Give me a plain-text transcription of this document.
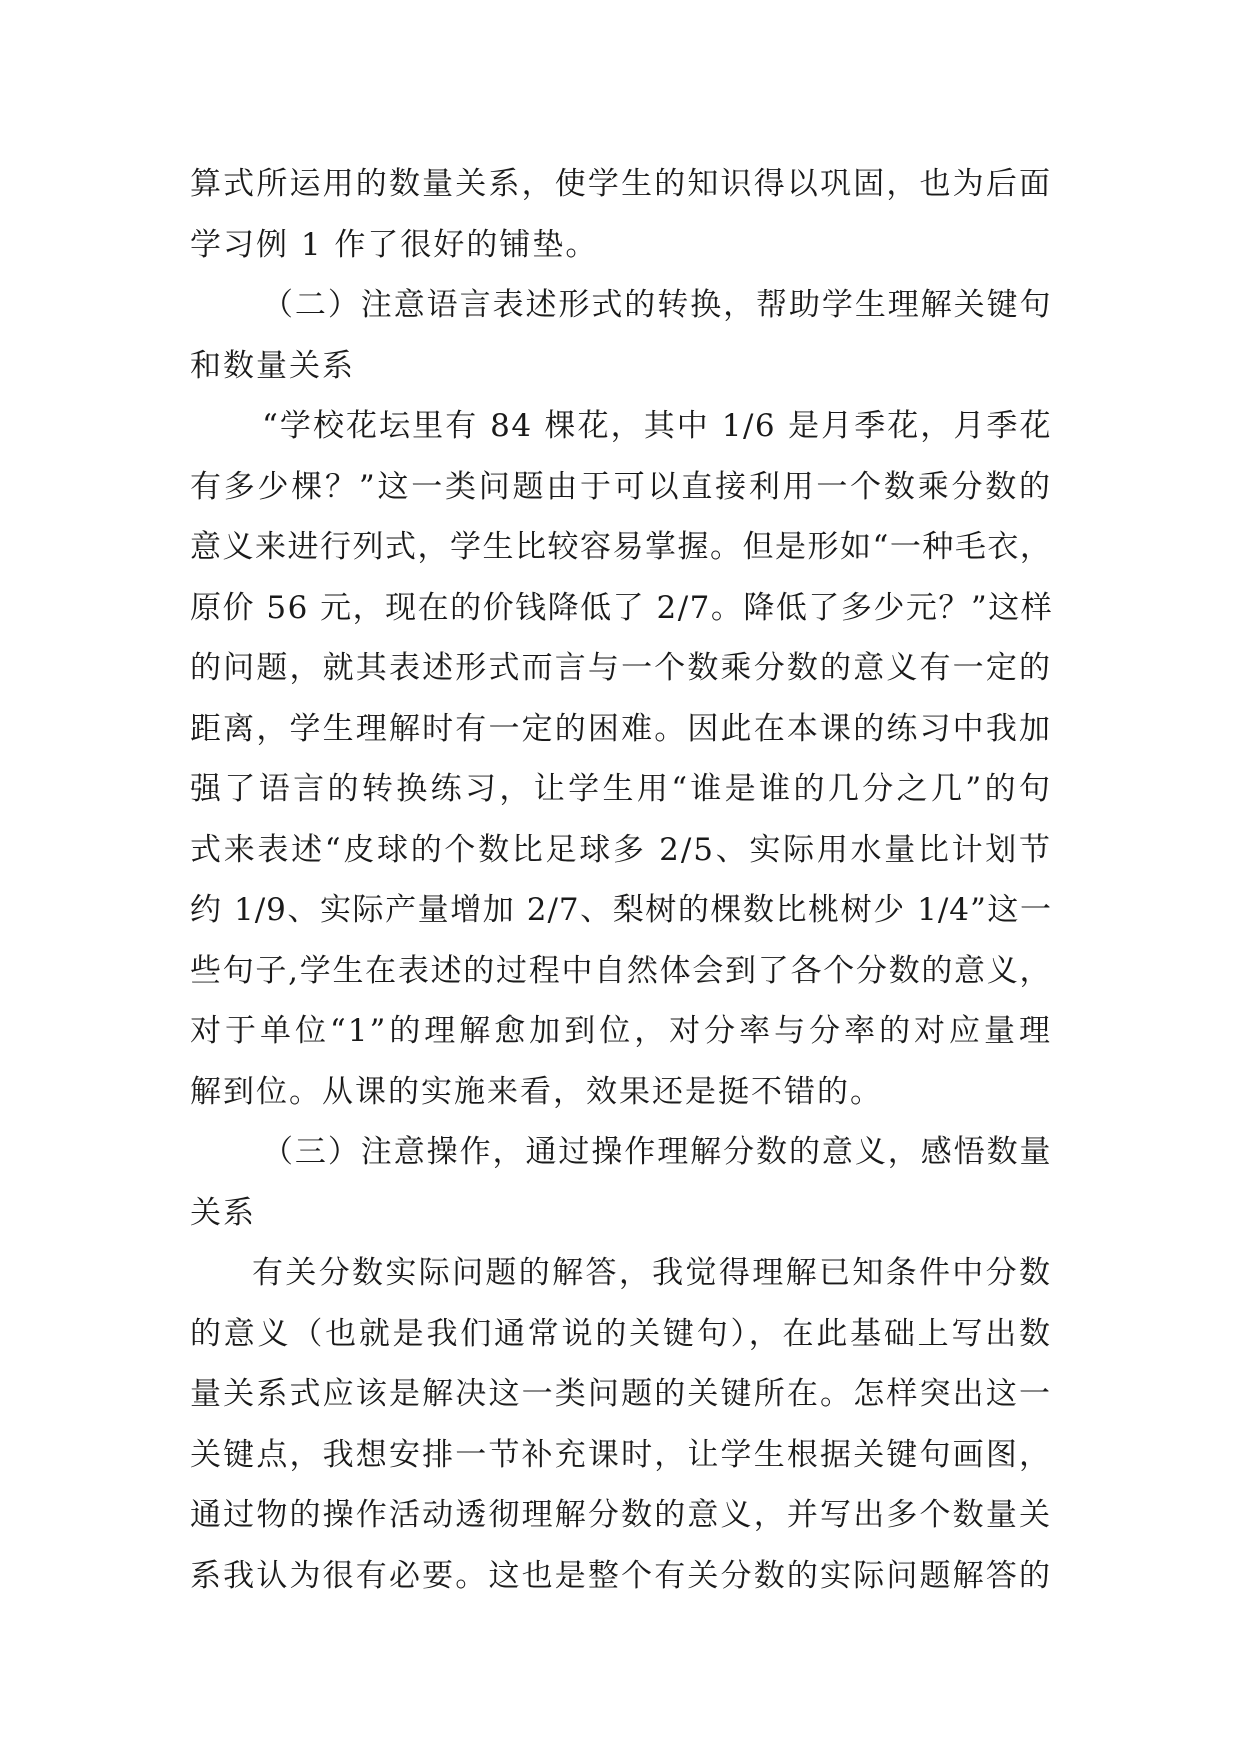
算式所运用的数量关系，使学生的知识得以巩固，也为后面
学习例 1 作了很好的铺垫。
（二）注意语言表述形式的转换，帮助学生理解关键句
和数量关系
“学校花坛里有 84 棵花，其中 1/6 是月季花，月季花
有多少棵？”这一类问题由于可以直接利用一个数乘分数的
意义来进行列式，学生比较容易掌握。但是形如“一种毛衣，
原价 56 元，现在的价钱降低了 2/7。降低了多少元？”这样
的问题，就其表述形式而言与一个数乘分数的意义有一定的
距离，学生理解时有一定的困难。因此在本课的练习中我加
强了语言的转换练习，让学生用“谁是谁的几分之几”的句
式来表述“皮球的个数比足球多 2/5、实际用水量比计划节
约 1/9、实际产量增加 2/7、梨树的棵数比桃树少 1/4”这一
些句子,学生在表述的过程中自然体会到了各个分数的意义，
对于单位“1”的理解愈加到位，对分率与分率的对应量理
解到位。从课的实施来看，效果还是挺不错的。
（三）注意操作，通过操作理解分数的意义，感悟数量
关系
有关分数实际问题的解答，我觉得理解已知条件中分数
的意义（也就是我们通常说的关键句），在此基础上写出数
量关系式应该是解决这一类问题的关键所在。怎样突出这一
关键点，我想安排一节补充课时，让学生根据关键句画图，
通过物的操作活动透彻理解分数的意义，并写出多个数量关
系我认为很有必要。这也是整个有关分数的实际问题解答的
